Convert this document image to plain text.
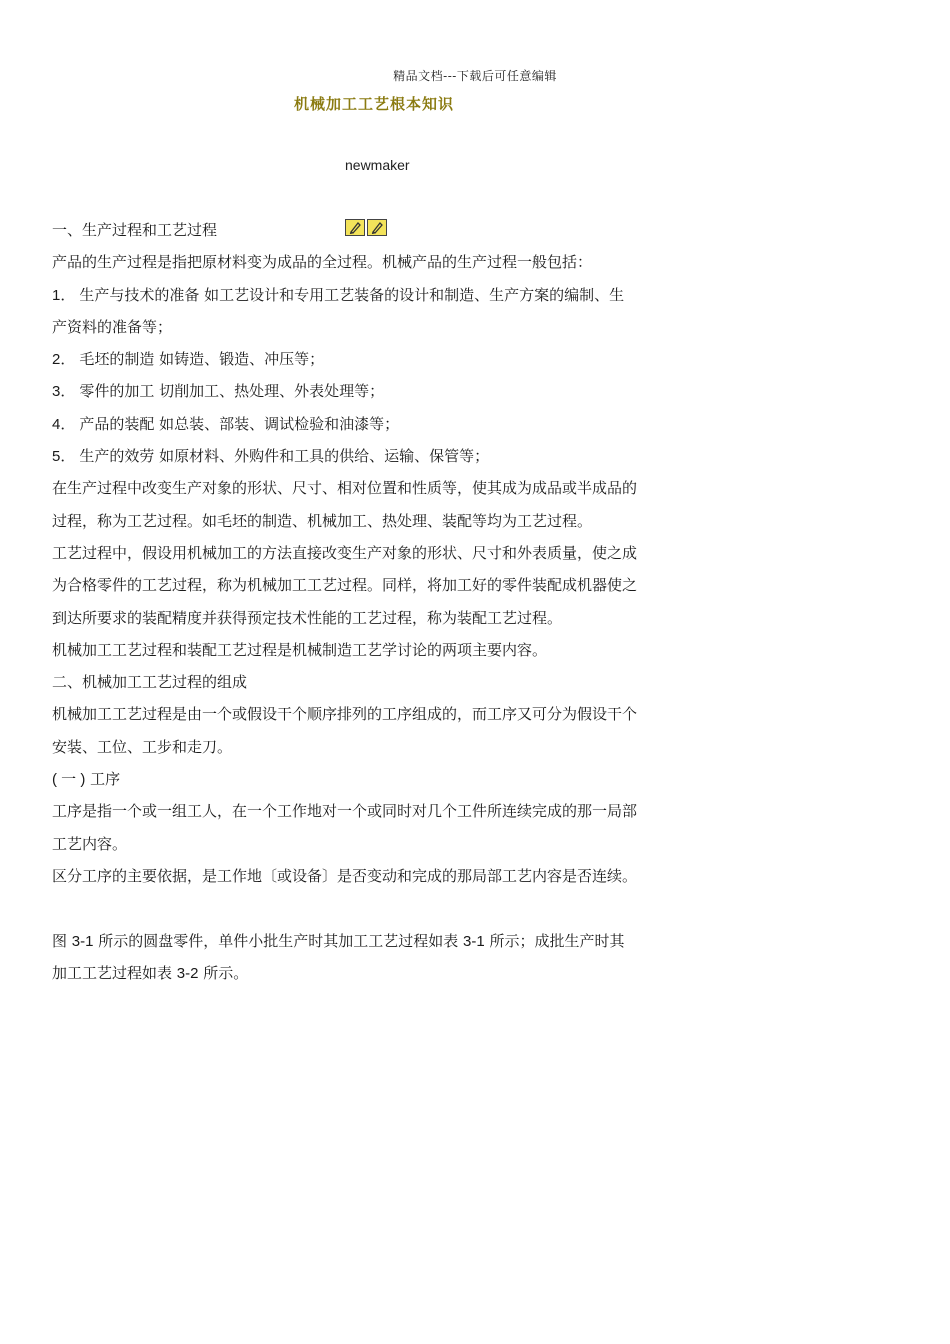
精品文档---下载后可任意编辑
机械加工工艺根本知识
newmaker
一、生产过程和工艺过程
产品的生产过程是指把原材料变为成品的全过程。机械产品的生产过程一般包括：
1． 生产与技术的准备 如工艺设计和专用工艺装备的设计和制造、生产方案的编制、生
产资料的准备等；
2． 毛坯的制造 如铸造、锻造、冲压等；
3． 零件的加工 切削加工、热处理、外表处理等；
4． 产品的装配 如总装、部装、调试检验和油漆等；
5． 生产的效劳 如原材料、外购件和工具的供给、运输、保管等；
在生产过程中改变生产对象的形状、尺寸、相对位置和性质等，使其成为成品或半成品的
过程，称为工艺过程。如毛坯的制造、机械加工、热处理、装配等均为工艺过程。
工艺过程中，假设用机械加工的方法直接改变生产对象的形状、尺寸和外表质量，使之成
为合格零件的工艺过程，称为机械加工工艺过程。同样，将加工好的零件装配成机器使之
到达所要求的装配精度并获得预定技术性能的工艺过程，称为装配工艺过程。
机械加工工艺过程和装配工艺过程是机械制造工艺学讨论的两项主要内容。
二、机械加工工艺过程的组成
机械加工工艺过程是由一个或假设干个顺序排列的工序组成的，而工序又可分为假设干个
安装、工位、工步和走刀。
( 一 ) 工序
工序是指一个或一组工人，在一个工作地对一个或同时对几个工件所连续完成的那一局部
工艺内容。
区分工序的主要依据，是工作地〔或设备〕是否变动和完成的那局部工艺内容是否连续。
图 3-1 所示的圆盘零件，单件小批生产时其加工工艺过程如表 3-1 所示；成批生产时其
加工工艺过程如表 3-2 所示。
